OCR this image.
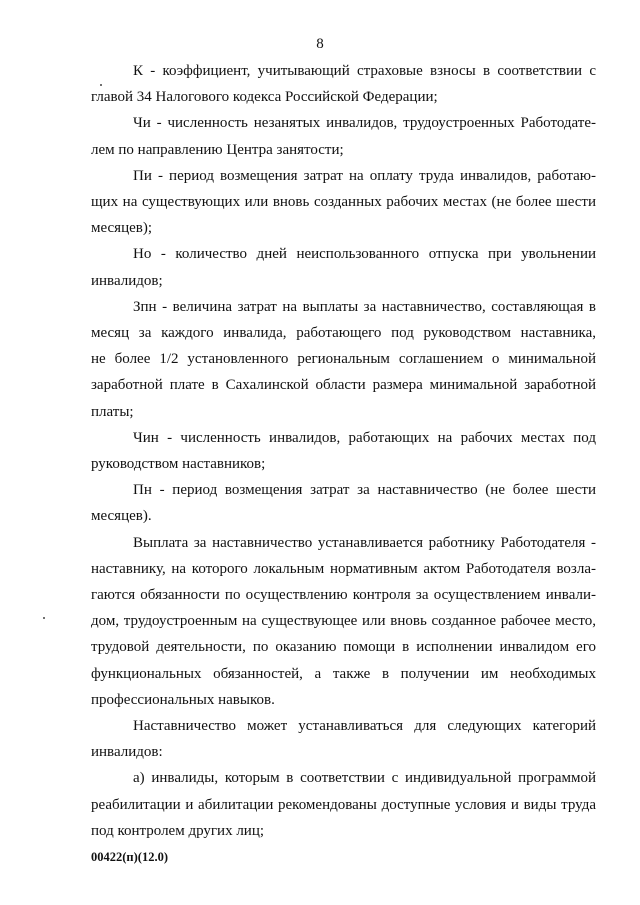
8
К - коэффициент, учитывающий страховые взносы в соответствии с
главой 34 Налогового кодекса Российской Федерации;
Чи - численность незанятых инвалидов, трудоустроенных Работодате-
лем по направлению Центра занятости;
Пи - период возмещения затрат на оплату труда инвалидов, работаю-
щих на существующих или вновь созданных рабочих местах (не более шести
месяцев);
Но - количество дней неиспользованного отпуска при увольнении
инвалидов;
Зпн - величина затрат на выплаты за наставничество, составляющая в
месяц за каждого инвалида, работающего под руководством наставника,
не более 1/2 установленного региональным соглашением о минимальной
заработной плате в Сахалинской области размера минимальной заработной
платы;
Чин - численность инвалидов, работающих на рабочих местах под
руководством наставников;
Пн - период возмещения затрат за наставничество (не более шести
месяцев).
Выплата за наставничество устанавливается работнику Работодателя -
наставнику, на которого локальным нормативным актом Работодателя возла-
гаются обязанности по осуществлению контроля за осуществлением инвали-
дом, трудоустроенным на существующее или вновь созданное рабочее место,
трудовой деятельности, по оказанию помощи в исполнении инвалидом его
функциональных обязанностей, а также в получении им необходимых
профессиональных навыков.
Наставничество может устанавливаться для следующих категорий
инвалидов:
а) инвалиды, которым в соответствии с индивидуальной программой
реабилитации и абилитации рекомендованы доступные условия и виды труда
под контролем других лиц;
00422(п)(12.0)
